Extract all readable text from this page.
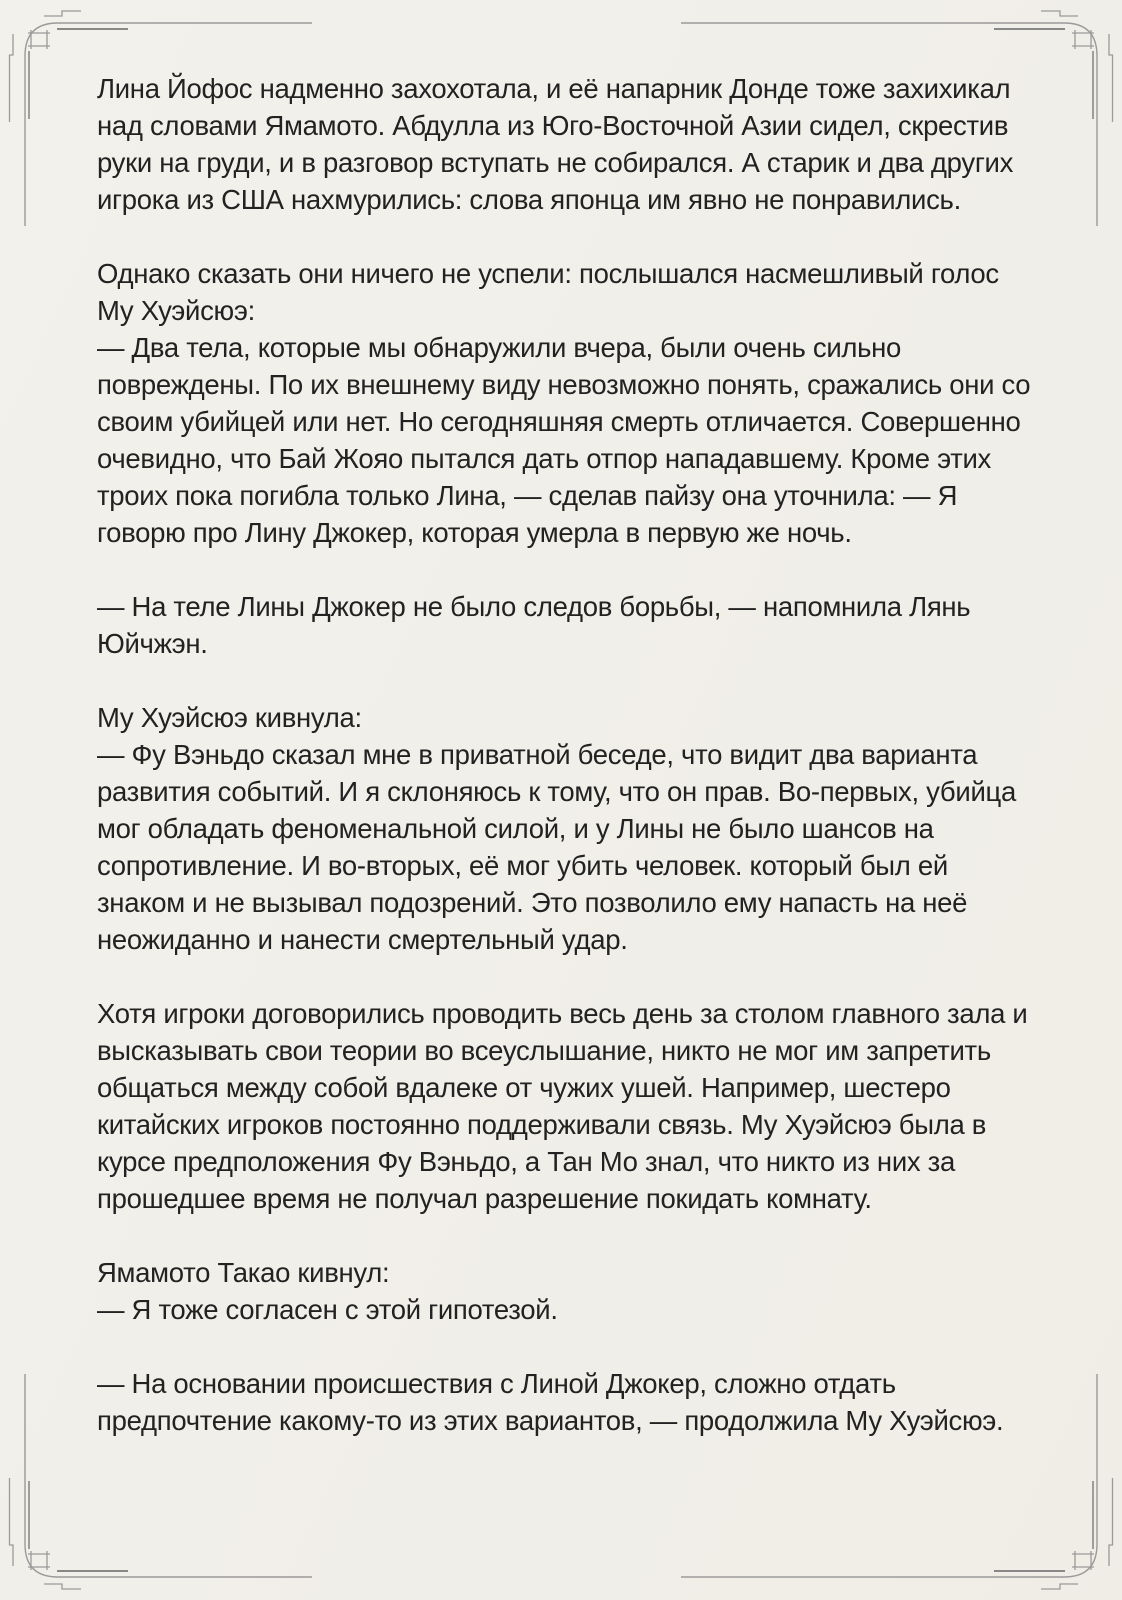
Лина Йофос надменно захохотала, и её напарник Донде тоже захихикал
над словами Ямамото. Абдулла из Юго-Восточной Азии сидел, скрестив
руки на груди, и в разговор вступать не собирался. А старик и два других
игрока из США нахмурились: слова японца им явно не понравились.
Однако сказать они ничего не успели: послышался насмешливый голос
Му Хуэйсюэ:
— Два тела, которые мы обнаружили вчера, были очень сильно
повреждены. По их внешнему виду невозможно понять, сражались они со
своим убийцей или нет. Но сегодняшняя смерть отличается. Совершенно
очевидно, что Бай Жояо пытался дать отпор нападавшему. Кроме этих
троих пока погибла только Лина, — сделав пайзу она уточнила: — Я
говорю про Лину Джокер, которая умерла в первую же ночь.
— На теле Лины Джокер не было следов борьбы, — напомнила Лянь
Юйчжэн.
Му Хуэйсюэ кивнула:
— Фу Вэньдо сказал мне в приватной беседе, что видит два варианта
развития событий. И я склоняюсь к тому, что он прав. Во-первых, убийца
мог обладать феноменальной силой, и у Лины не было шансов на
сопротивление. И во-вторых, её мог убить человек. который был ей
знаком и не вызывал подозрений. Это позволило ему напасть на неё
неожиданно и нанести смертельный удар.
Хотя игроки договорились проводить весь день за столом главного зала и
высказывать свои теории во всеуслышание, никто не мог им запретить
общаться между собой вдалеке от чужих ушей. Например, шестеро
китайских игроков постоянно поддерживали связь. Му Хуэйсюэ была в
курсе предположения Фу Вэньдо, а Тан Мо знал, что никто из них за
прошедшее время не получал разрешение покидать комнату.
Ямамото Такао кивнул:
— Я тоже согласен с этой гипотезой.
— На основании происшествия с Линой Джокер, сложно отдать
предпочтение какому-то из этих вариантов, — продолжила Му Хуэйсюэ.
